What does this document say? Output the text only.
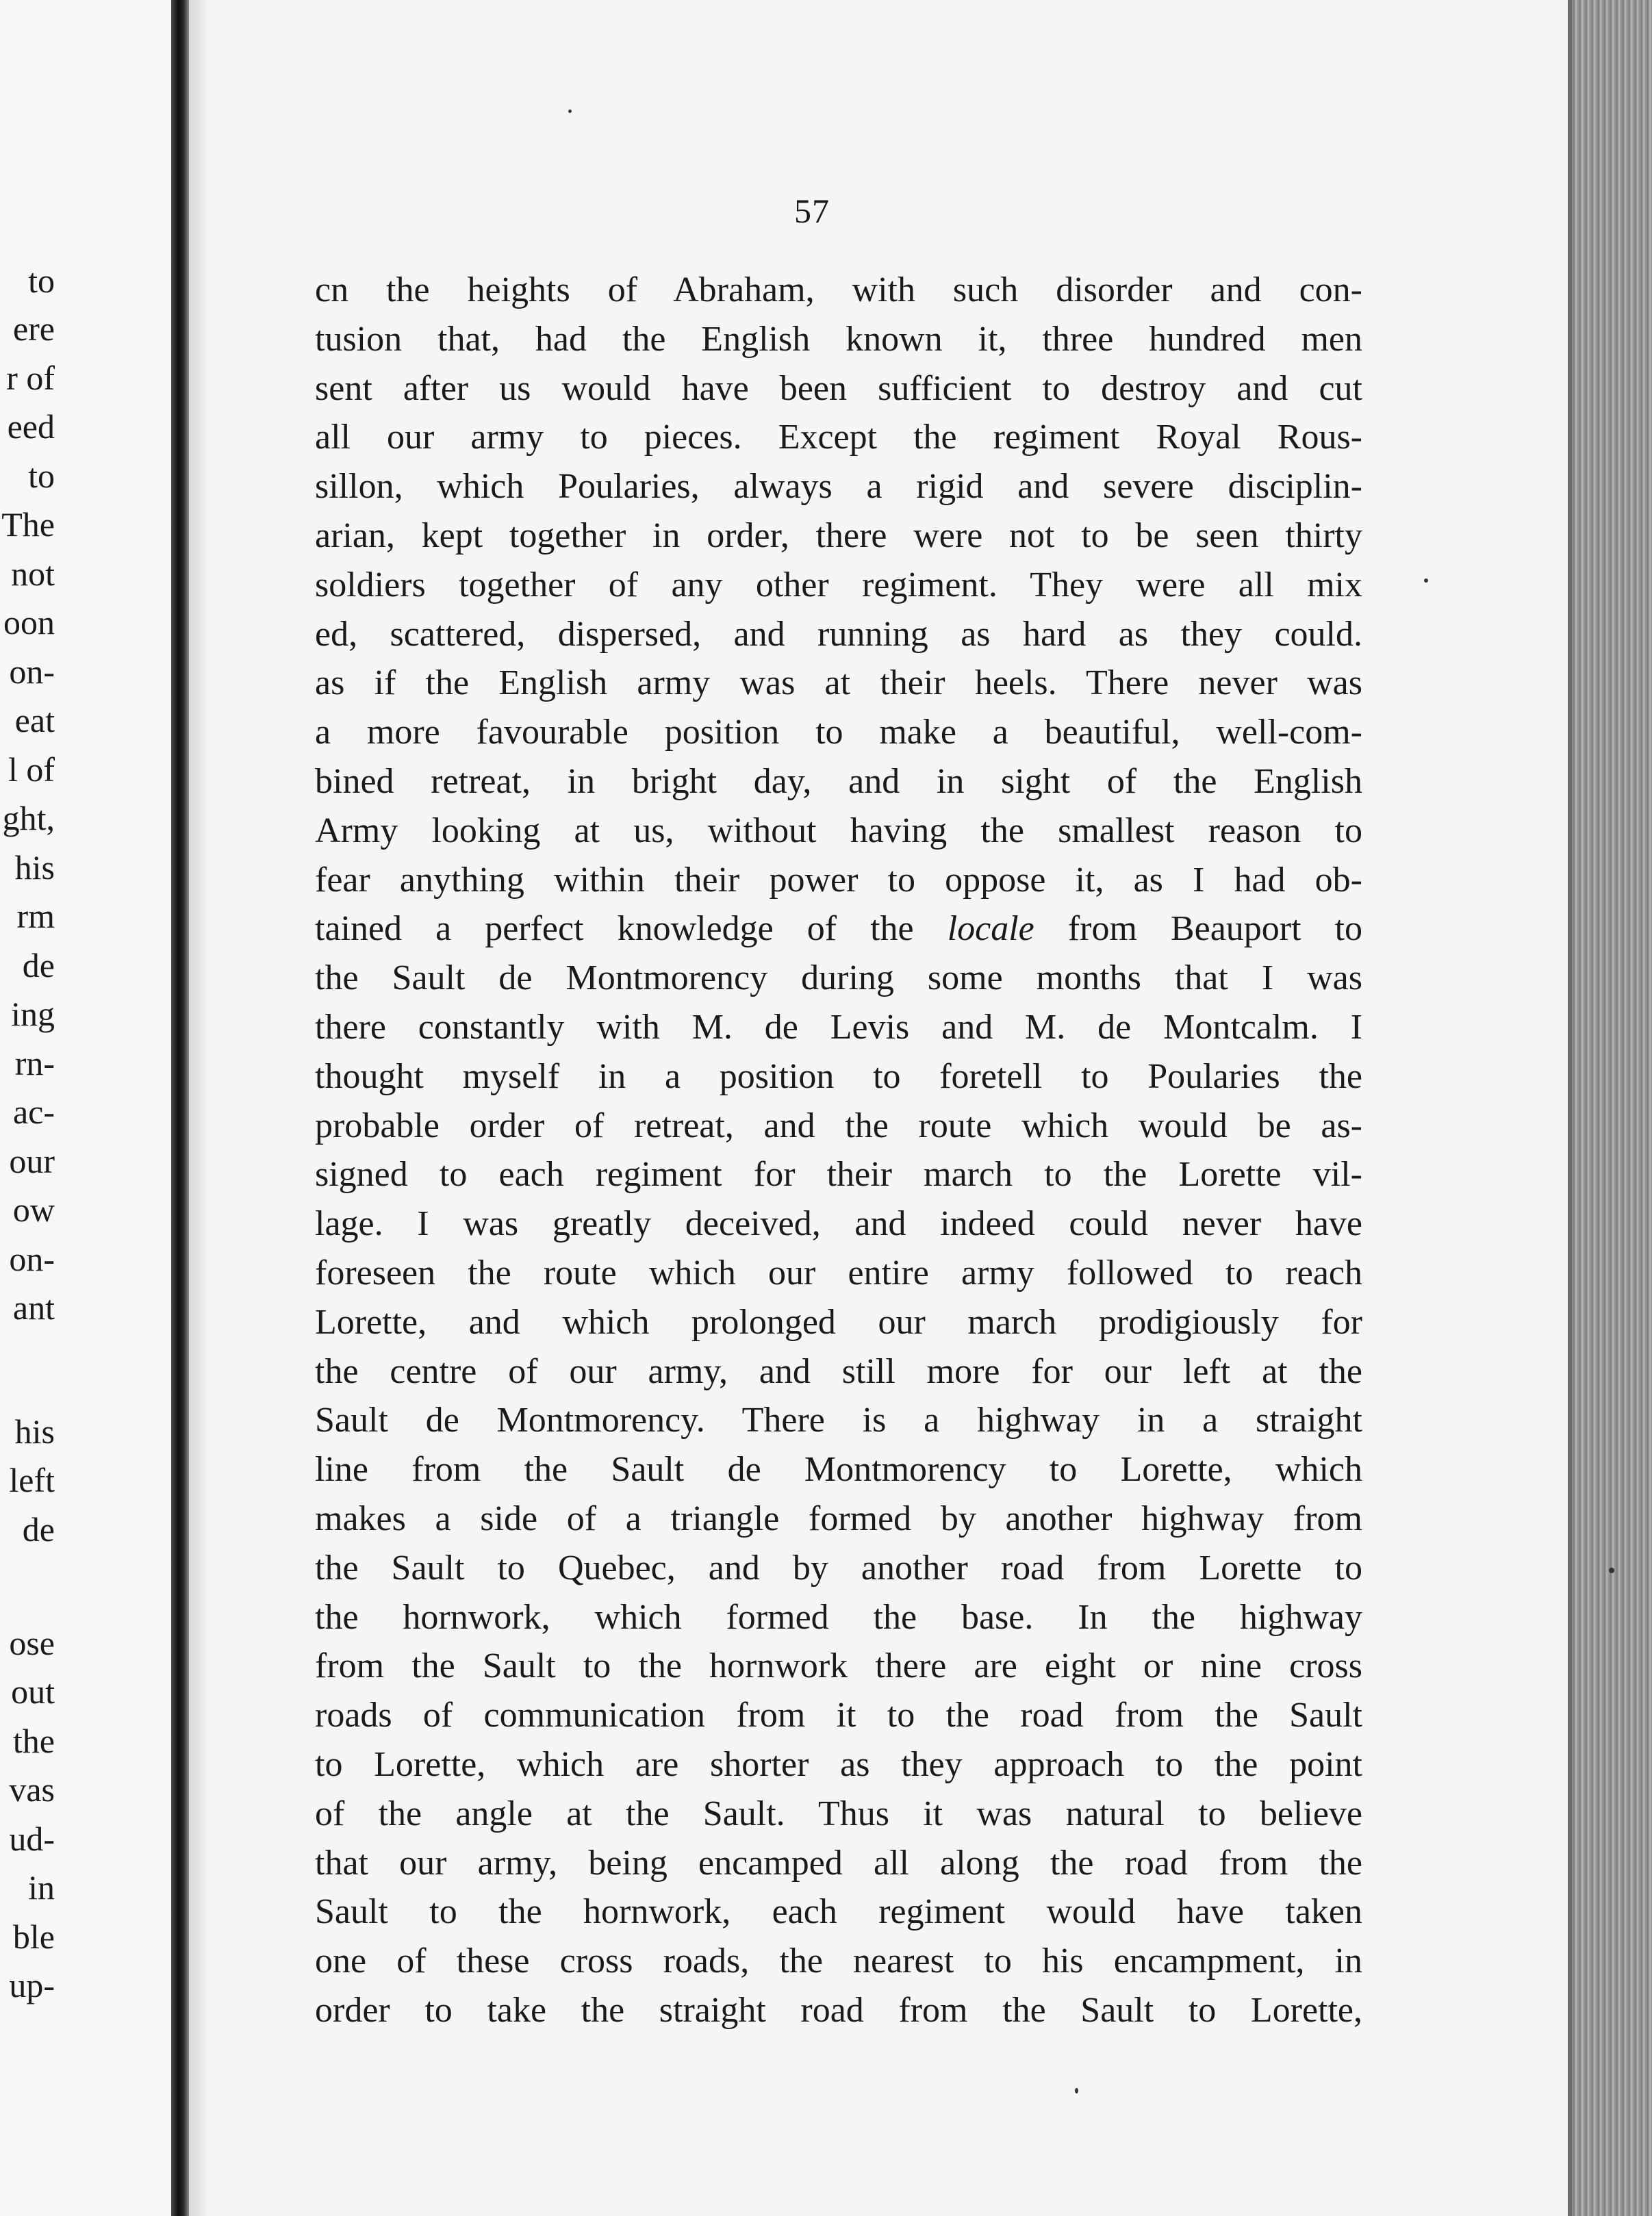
to
ere
r of
eed
to
The
not
oon
on-
eat
l of
ght,
his
rm
de
ing
rn-
ac-
our
ow
on-
ant
his
left
de
ose
out
the
vas
ud-
in
ble
up-
57
cn the heights of Abraham, with such disorder and con-
tusion that, had the English known it, three hundred men
sent after us would have been sufficient to destroy and cut
all our army to pieces. Except the regiment Royal Rous-
sillon, which Poularies, always a rigid and severe disciplin-
arian, kept together in order, there were not to be seen thirty
soldiers together of any other regiment. They were all mix
ed, scattered, dispersed, and running as hard as they could.
as if the English army was at their heels. There never was
a more favourable position to make a beautiful, well-com-
bined retreat, in bright day, and in sight of the English
Army looking at us, without having the smallest reason to
fear anything within their power to oppose it, as I had ob-
tained a perfect knowledge of the locale from Beauport to
the Sault de Montmorency during some months that I was
there constantly with M. de Levis and M. de Montcalm. I
thought myself in a position to foretell to Poularies the
probable order of retreat, and the route which would be as-
signed to each regiment for their march to the Lorette vil-
lage. I was greatly deceived, and indeed could never have
foreseen the route which our entire army followed to reach
Lorette, and which prolonged our march prodigiously for
the centre of our army, and still more for our left at the
Sault de Montmorency. There is a highway in a straight
line from the Sault de Montmorency to Lorette, which
makes a side of a triangle formed by another highway from
the Sault to Quebec, and by another road from Lorette to
the hornwork, which formed the base. In the highway
from the Sault to the hornwork there are eight or nine cross
roads of communication from it to the road from the Sault
to Lorette, which are shorter as they approach to the point
of the angle at the Sault. Thus it was natural to believe
that our army, being encamped all along the road from the
Sault to the hornwork, each regiment would have taken
one of these cross roads, the nearest to his encampment, in
order to take the straight road from the Sault to Lorette,
